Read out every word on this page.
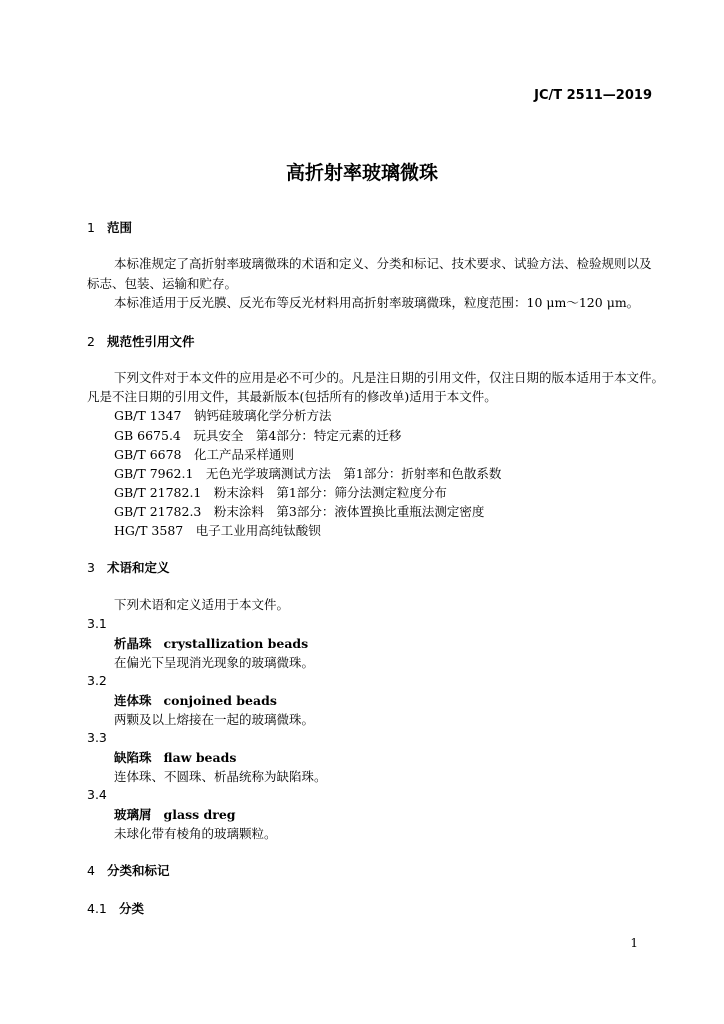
JC/T 2511—2019
高折射率玻璃微珠
1 范围
本标准规定了高折射率玻璃微珠的术语和定义、分类和标记、技术要求、试验方法、检验规则以及
标志、包装、运输和贮存。
本标准适用于反光膜、反光布等反光材料用高折射率玻璃微珠，粒度范围：10 μm～120 μm。
2 规范性引用文件
下列文件对于本文件的应用是必不可少的。凡是注日期的引用文件，仅注日期的版本适用于本文件。
凡是不注日期的引用文件，其最新版本(包括所有的修改单)适用于本文件。
GB/T 1347　钠钙硅玻璃化学分析方法
GB 6675.4　玩具安全　第4部分：特定元素的迁移
GB/T 6678　化工产品采样通则
GB/T 7962.1　无色光学玻璃测试方法　第1部分：折射率和色散系数
GB/T 21782.1　粉末涂料　第1部分：筛分法测定粒度分布
GB/T 21782.3　粉末涂料　第3部分：液体置换比重瓶法测定密度
HG/T 3587　电子工业用高纯钛酸钡
3 术语和定义
下列术语和定义适用于本文件。
3.1
析晶珠 crystallization beads
在偏光下呈现消光现象的玻璃微珠。
3.2
连体珠 conjoined beads
两颗及以上熔接在一起的玻璃微珠。
3.3
缺陷珠 flaw beads
连体珠、不圆珠、析晶统称为缺陷珠。
3.4
玻璃屑 glass dreg
未球化带有棱角的玻璃颗粒。
4 分类和标记
4.1 分类
1
